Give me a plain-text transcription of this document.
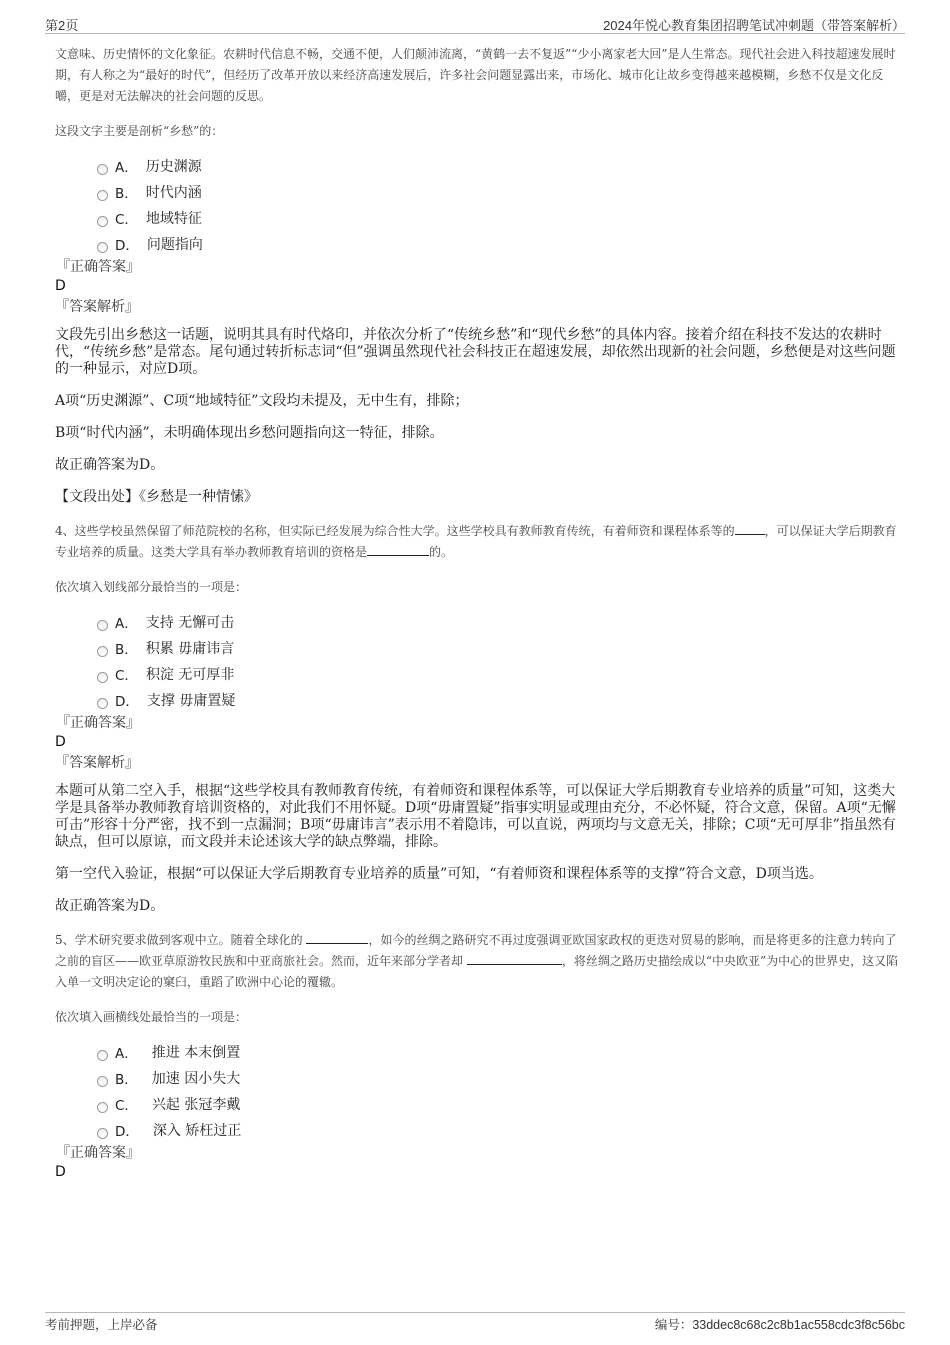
第2页	2024年悦心教育集团招聘笔试冲刺题（带答案解析）

文意味、历史情怀的文化象征。农耕时代信息不畅，交通不便，人们颠沛流离，“黄鹤一去不复返”“少小离家老大回”是人生常态。现代社会进入科技超速发展时期，有人称之为“最好的时代”，但经历了改革开放以来经济高速发展后，许多社会问题显露出来，市场化、城市化让故乡变得越来越模糊，乡愁不仅是文化反嚼，更是对无法解决的社会问题的反思。

这段文字主要是剖析“乡愁”的：

A． 历史渊源
B． 时代内涵
C． 地域特征
D． 问题指向
『正确答案』
D
『答案解析』

文段先引出乡愁这一话题，说明其具有时代烙印，并依次分析了“传统乡愁”和“现代乡愁”的具体内容。接着介绍在科技不发达的农耕时代，“传统乡愁”是常态。尾句通过转折标志词“但”强调虽然现代社会科技正在超速发展，却依然出现新的社会问题，乡愁便是对这些问题的一种显示，对应D项。

A项“历史渊源”、C项“地域特征”文段均未提及，无中生有，排除；

B项“时代内涵”，未明确体现出乡愁问题指向这一特征，排除。

故正确答案为D。

【文段出处】《乡愁是一种情愫》

4、这些学校虽然保留了师范院校的名称，但实际已经发展为综合性大学。这些学校具有教师教育传统，有着师资和课程体系等的	，可以保证大学后期教育专业培养的质量。这类大学具有举办教师教育培训的资格是	的。

依次填入划线部分最恰当的一项是：

A． 支持 无懈可击
B． 积累 毋庸讳言
C． 积淀 无可厚非
D． 支撑 毋庸置疑
『正确答案』
D
『答案解析』

本题可从第二空入手，根据“这些学校具有教师教育传统，有着师资和课程体系等，可以保证大学后期教育专业培养的质量”可知，这类大学是具备举办教师教育培训资格的，对此我们不用怀疑。D项“毋庸置疑”指事实明显或理由充分，不必怀疑，符合文意，保留。A项“无懈可击”形容十分严密，找不到一点漏洞；B项“毋庸讳言”表示用不着隐讳，可以直说，两项均与文意无关，排除；C项“无可厚非”指虽然有缺点，但可以原谅，而文段并未论述该大学的缺点弊端，排除。

第一空代入验证，根据“可以保证大学后期教育专业培养的质量”可知，“有着师资和课程体系等的支撑”符合文意，D项当选。

故正确答案为D。

5、学术研究要求做到客观中立。随着全球化的	，如今的丝绸之路研究不再过度强调亚欧国家政权的更迭对贸易的影响，而是将更多的注意力转向了之前的盲区——欧亚草原游牧民族和中亚商旅社会。然而，近年来部分学者却	，将丝绸之路历史描绘成以“中央欧亚”为中心的世界史，这又陷入单一文明决定论的窠臼，重蹈了欧洲中心论的覆辙。

依次填入画横线处最恰当的一项是：

A． 推进 本末倒置
B． 加速 因小失大
C． 兴起 张冠李戴
D． 深入 矫枉过正
『正确答案』
D
考前押题，上岸必备	编号：33ddec8c68c2c8b1ac558cdc3f8c56bc
